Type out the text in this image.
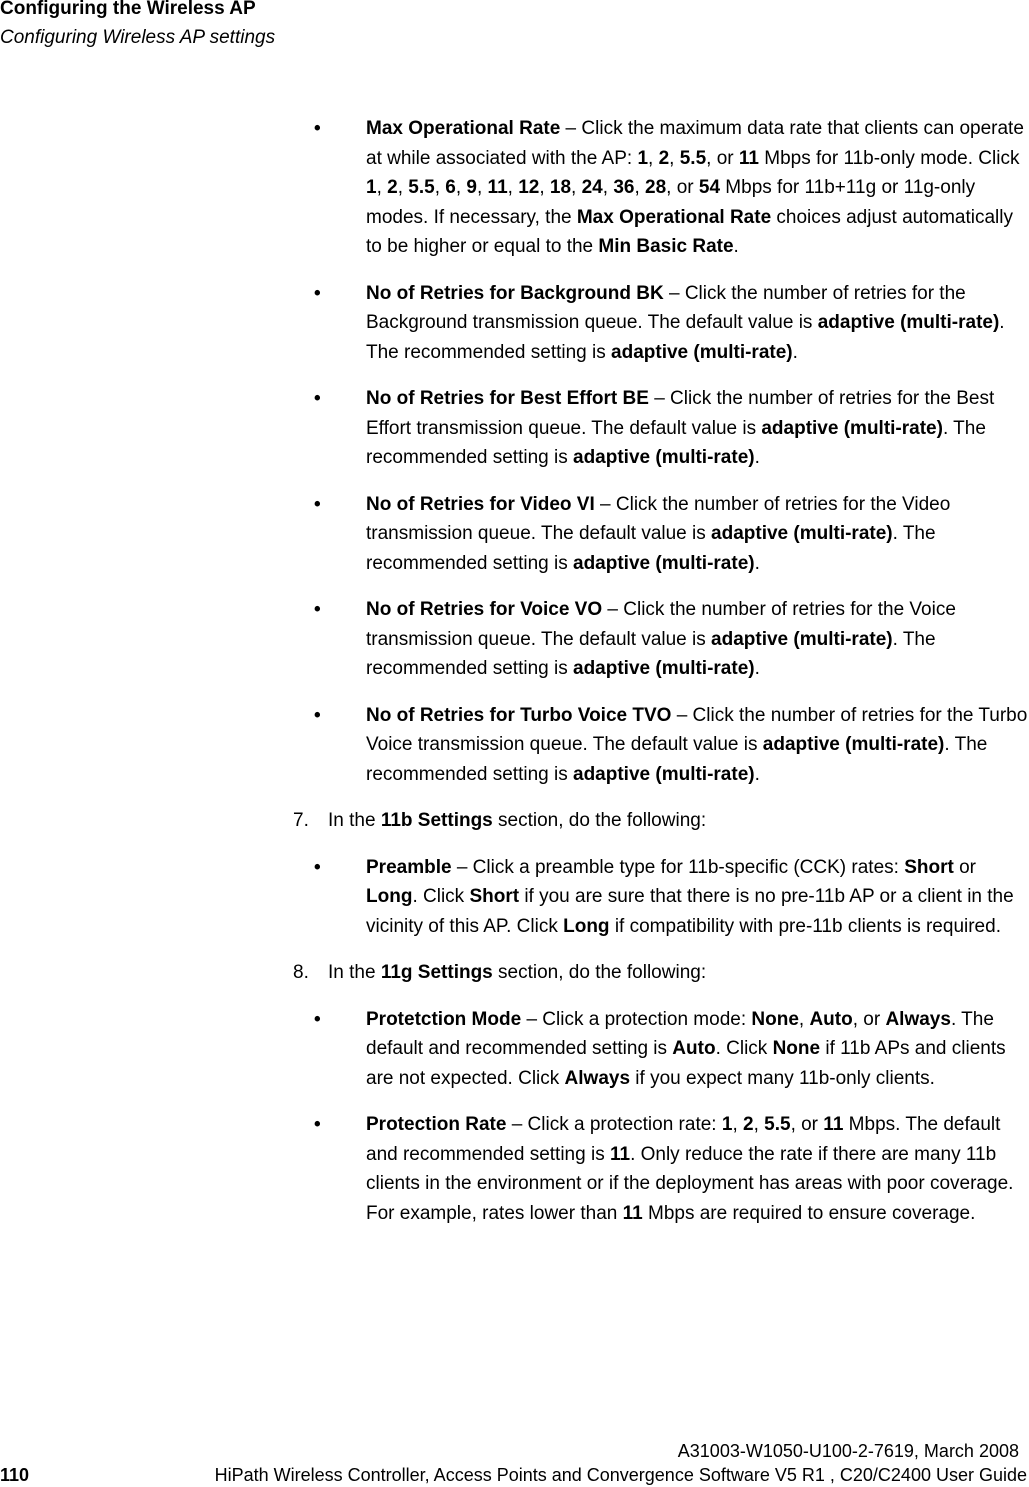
Configuring the Wireless AP
Configuring Wireless AP settings
• Max Operational Rate – Click the maximum data rate that clients can operate at while associated with the AP: 1, 2, 5.5, or 11 Mbps for 11b-only mode. Click 1, 2, 5.5, 6, 9, 11, 12, 18, 24, 36, 28, or 54 Mbps for 11b+11g or 11g-only modes. If necessary, the Max Operational Rate choices adjust automatically to be higher or equal to the Min Basic Rate.
• No of Retries for Background BK – Click the number of retries for the Background transmission queue. The default value is adaptive (multi-rate). The recommended setting is adaptive (multi-rate).
• No of Retries for Best Effort BE – Click the number of retries for the Best Effort transmission queue. The default value is adaptive (multi-rate). The recommended setting is adaptive (multi-rate).
• No of Retries for Video VI – Click the number of retries for the Video transmission queue. The default value is adaptive (multi-rate). The recommended setting is adaptive (multi-rate).
• No of Retries for Voice VO – Click the number of retries for the Voice transmission queue. The default value is adaptive (multi-rate). The recommended setting is adaptive (multi-rate).
• No of Retries for Turbo Voice TVO – Click the number of retries for the Turbo Voice transmission queue. The default value is adaptive (multi-rate). The recommended setting is adaptive (multi-rate).
7. In the 11b Settings section, do the following:
• Preamble – Click a preamble type for 11b-specific (CCK) rates: Short or Long. Click Short if you are sure that there is no pre-11b AP or a client in the vicinity of this AP. Click Long if compatibility with pre-11b clients is required.
8. In the 11g Settings section, do the following:
• Protetction Mode – Click a protection mode: None, Auto, or Always. The default and recommended setting is Auto. Click None if 11b APs and clients are not expected. Click Always if you expect many 11b-only clients.
• Protection Rate – Click a protection rate: 1, 2, 5.5, or 11 Mbps. The default and recommended setting is 11. Only reduce the rate if there are many 11b clients in the environment or if the deployment has areas with poor coverage. For example, rates lower than 11 Mbps are required to ensure coverage.
A31003-W1050-U100-2-7619, March 2008
110	HiPath Wireless Controller, Access Points and Convergence Software V5 R1 , C20/C2400 User Guide
